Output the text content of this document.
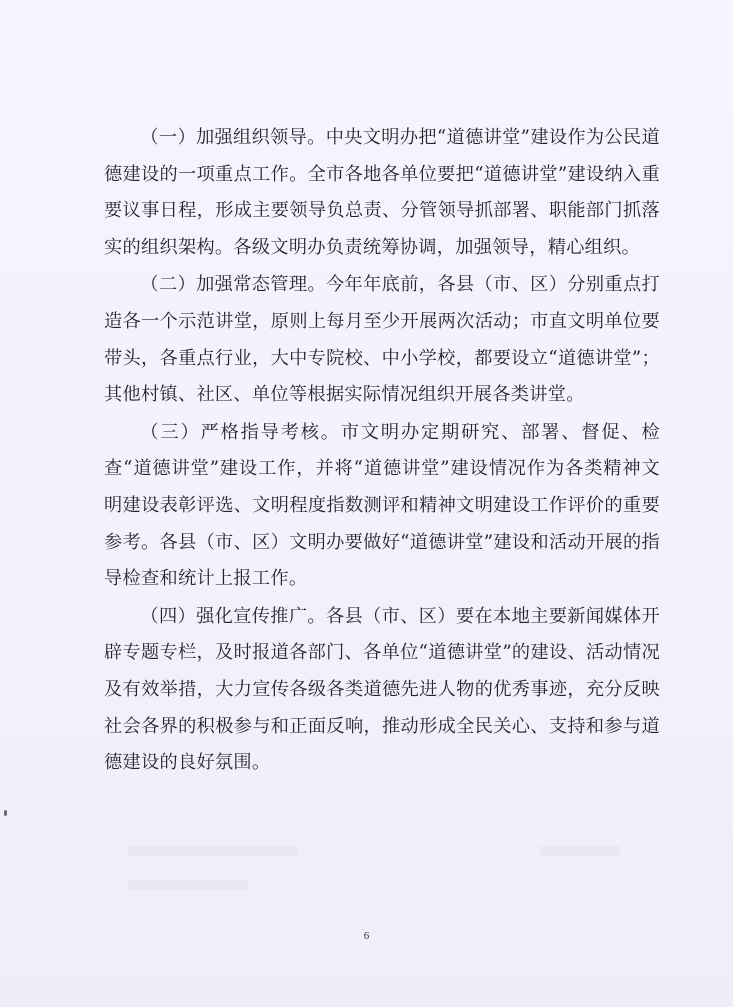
（一）加强组织领导。中央文明办把“道德讲堂”建设作为公民道德建设的一项重点工作。全市各地各单位要把“道德讲堂”建设纳入重要议事日程，形成主要领导负总责、分管领导抓部署、职能部门抓落实的组织架构。各级文明办负责统筹协调，加强领导，精心组织。

（二）加强常态管理。今年年底前，各县（市、区）分别重点打造各一个示范讲堂，原则上每月至少开展两次活动；市直文明单位要带头，各重点行业，大中专院校、中小学校，都要设立“道德讲堂”；其他村镇、社区、单位等根据实际情况组织开展各类讲堂。

（三）严格指导考核。市文明办定期研究、部署、督促、检查“道德讲堂”建设工作，并将“道德讲堂”建设情况作为各类精神文明建设表彰评选、文明程度指数测评和精神文明建设工作评价的重要参考。各县（市、区）文明办要做好“道德讲堂”建设和活动开展的指导检查和统计上报工作。

（四）强化宣传推广。各县（市、区）要在本地主要新闻媒体开辟专题专栏，及时报道各部门、各单位“道德讲堂”的建设、活动情况及有效举措，大力宣传各级各类道德先进人物的优秀事迹，充分反映社会各界的积极参与和正面反响，推动形成全民关心、支持和参与道德建设的良好氛围。

6
